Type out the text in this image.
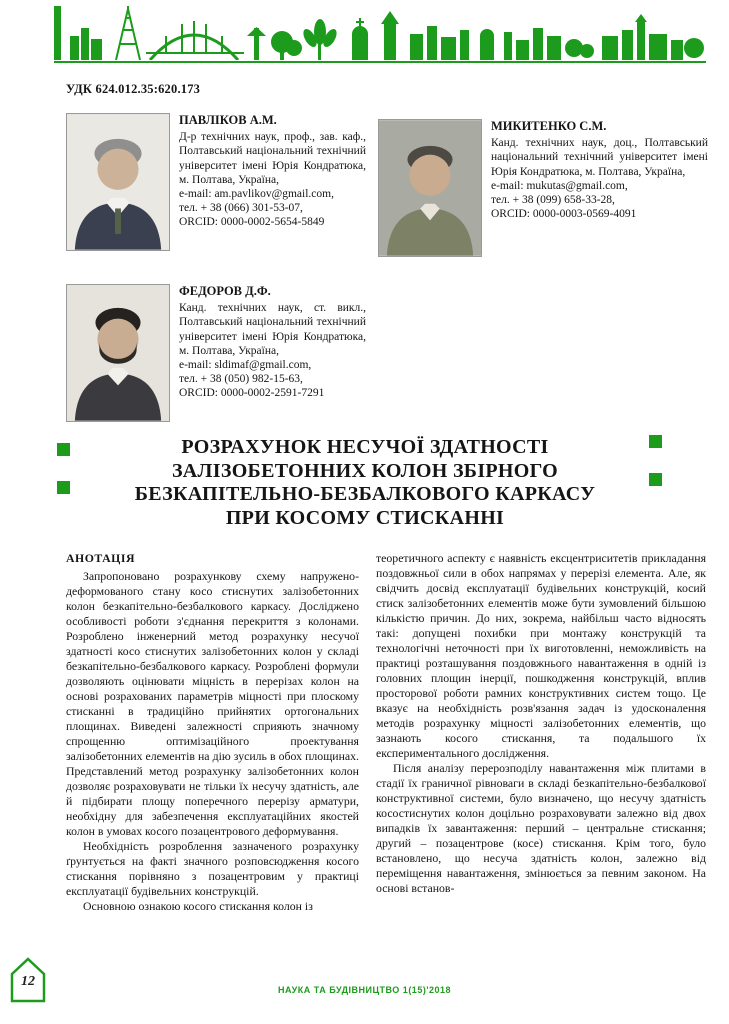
УДК 624.012.35:620.173
ПАВЛІКОВ А.М.
Д-р технічних наук, проф., зав. каф., Полтавський національний технічний університет імені Юрія Кондратюка, м. Полтава, Україна,
e-mail: am.pavlikov@gmail.com,
тел. + 38 (066) 301-53-07,
ORCID: 0000-0002-5654-5849
МИКИТЕНКО С.М.
Канд. технічних наук, доц., Полтавський національний технічний університет імені Юрія Кондратюка, м. Полтава, Україна,
e-mail: mukutas@gmail.com,
тел. + 38 (099) 658-33-28,
ORCID: 0000-0003-0569-4091
ФЕДОРОВ Д.Ф.
Канд. технічних наук, ст. викл., Полтавський національний технічний університет імені Юрія Кондратюка, м. Полтава, Україна,
e-mail: sldimaf@gmail.com,
тел. + 38 (050) 982-15-63,
ORCID: 0000-0002-2591-7291
РОЗРАХУНОК НЕСУЧОЇ ЗДАТНОСТІ
ЗАЛІЗОБЕТОННИХ КОЛОН ЗБІРНОГО
БЕЗКАПІТЕЛЬНО-БЕЗБАЛКОВОГО КАРКАСУ
ПРИ КОСОМУ СТИСКАННІ
АНОТАЦІЯ

Запропоновано розрахункову схему напружено-деформованого стану косо стиснутих залізобетонних колон безкапітельно-безбалкового каркасу. Досліджено особливості роботи з'єднання перекриття з колонами. Розроблено інженерний метод розрахунку несучої здатності косо стиснутих залізобетонних колон у складі безкапітельно-безбалкового каркасу. Розроблені формули дозволяють оцінювати міцність в перерізах колон на основі розрахованих параметрів міцності при плоскому стисканні в традиційно прийнятих ортогональних площинах. Виведені залежності сприяють значному спрощенню оптимізаційного проектування залізобетонних елементів на дію зусиль в обох площинах. Представлений метод розрахунку залізобетонних колон дозволяє розраховувати не тільки їх несучу здатність, але й підбирати площу поперечного перерізу арматури, необхідну для забезпечення експлуатаційних якостей колон в умовах косого позацентрового деформування.

Необхідність розроблення зазначеного розрахунку ґрунтується на факті значного розповсюдження косого стискання порівняно з позацентровим у практиці експлуатації будівельних конструкцій.

Основною ознакою косого стискання колон із

теоретичного аспекту є наявність ексцентриситетів прикладання поздовжньої сили в обох напрямах у перерізі елемента. Але, як свідчить досвід експлуатації будівельних конструкцій, косий стиск залізобетонних елементів може бути зумовлений більшою кількістю причин. До них, зокрема, найбільш часто відносять такі: допущені похибки при монтажу конструкцій та технологічні неточності при їх виготовленні, неможливість на практиці розташування поздовжнього навантаження в одній із головних площин інерції, пошкодження конструкцій, вплив просторової роботи рамних конструктивних систем тощо. Це вказує на необхідність розв'язання задач із удосконалення методів розрахунку міцності залізобетонних елементів, що зазнають косого стискання, та подальшого їх експериментального дослідження.

Після аналізу перерозподілу навантаження між плитами в стадії їх граничної рівноваги в складі безкапітельно-безбалкової конструктивної системи, було визначено, що несучу здатність косостиснутих колон доцільно розраховувати залежно від двох випадків їх завантаження: перший – центральне стискання; другий – позацентрове (косе) стискання. Крім того, було встановлено, що несуча здатність колон, залежно від переміщення навантаження, змінюється за певним законом. На основі встанов-

НАУКА ТА БУДІВНИЦТВО 1(15)'2018
12
